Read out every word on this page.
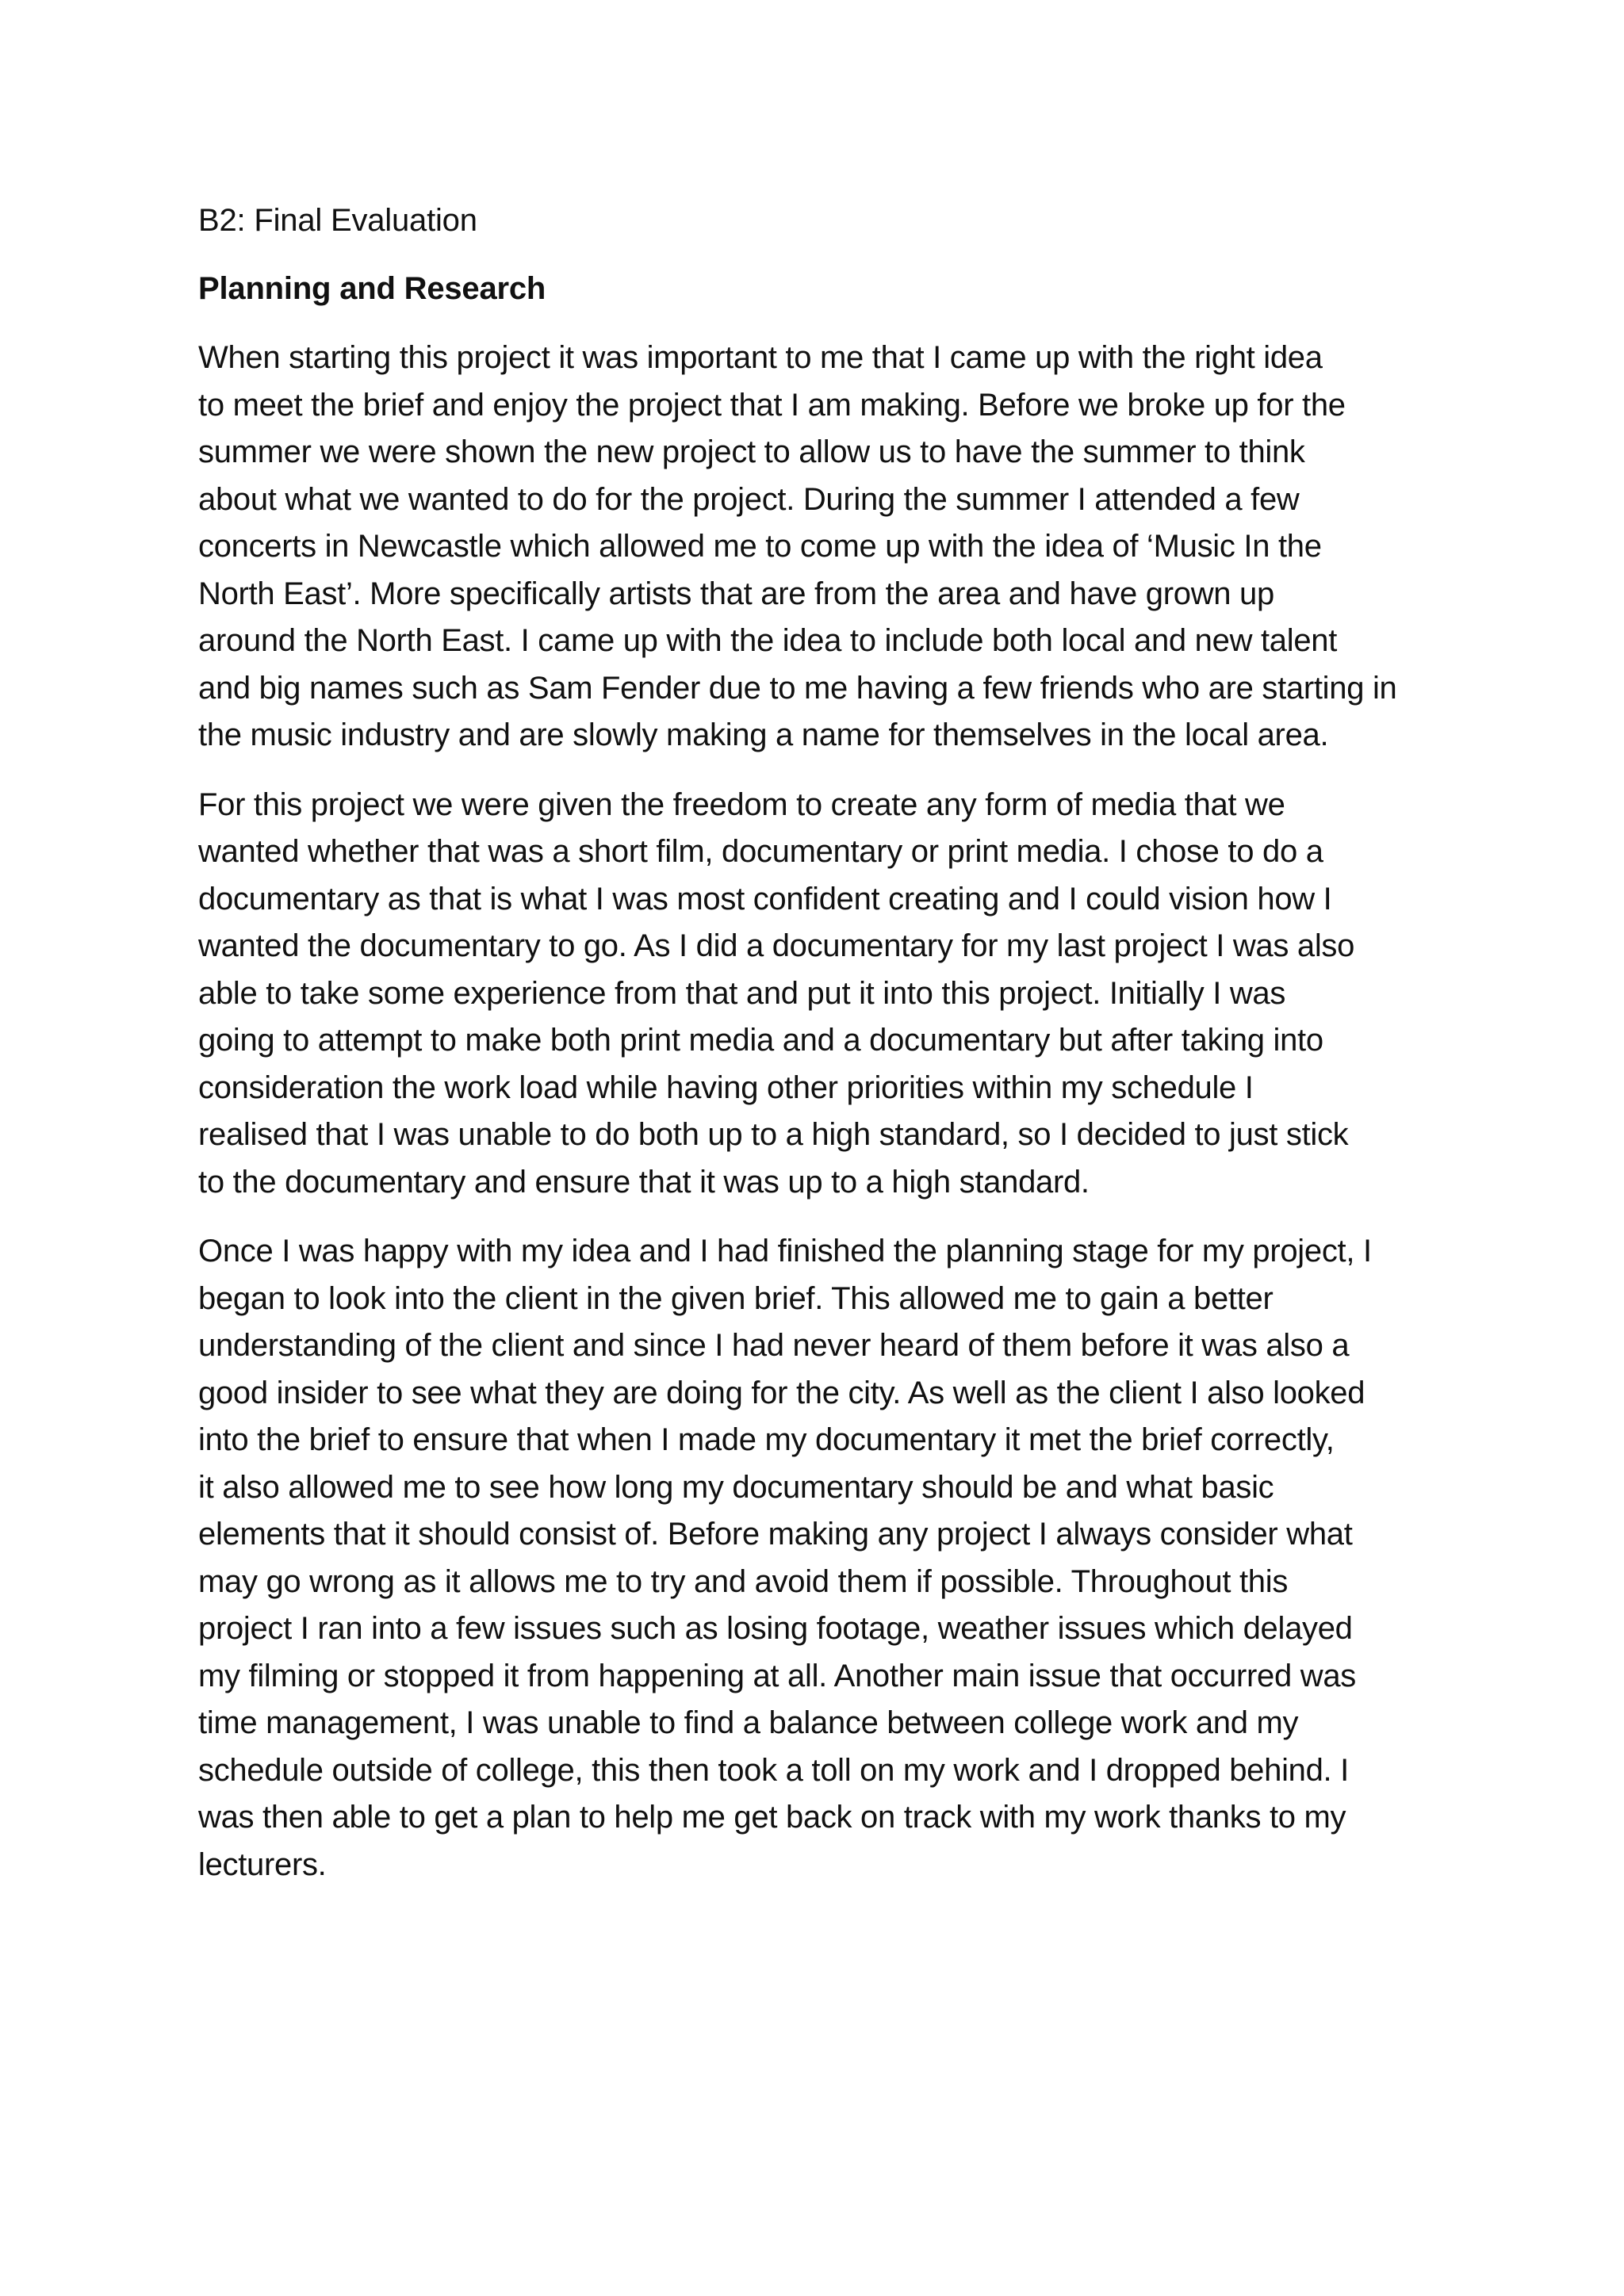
B2: Final Evaluation
Planning and Research
When starting this project it was important to me that I came up with the right idea
to meet the brief and enjoy the project that I am making. Before we broke up for the
summer we were shown the new project to allow us to have the summer to think
about what we wanted to do for the project. During the summer I attended a few
concerts in Newcastle which allowed me to come up with the idea of ‘Music In the
North East’. More specifically artists that are from the area and have grown up
around the North East. I came up with the idea to include both local and new talent
and big names such as Sam Fender due to me having a few friends who are starting in
the music industry and are slowly making a name for themselves in the local area.
For this project we were given the freedom to create any form of media that we
wanted whether that was a short film, documentary or print media. I chose to do a
documentary as that is what I was most confident creating and I could vision how I
wanted the documentary to go. As I did a documentary for my last project I was also
able to take some experience from that and put it into this project. Initially I was
going to attempt to make both print media and a documentary but after taking into
consideration the work load while having other priorities within my schedule I
realised that I was unable to do both up to a high standard, so I decided to just stick
to the documentary and ensure that it was up to a high standard.
Once I was happy with my idea and I had finished the planning stage for my project, I
began to look into the client in the given brief. This allowed me to gain a better
understanding of the client and since I had never heard of them before it was also a
good insider to see what they are doing for the city. As well as the client I also looked
into the brief to ensure that when I made my documentary it met the brief correctly,
it also allowed me to see how long my documentary should be and what basic
elements that it should consist of. Before making any project I always consider what
may go wrong as it allows me to try and avoid them if possible. Throughout this
project I ran into a few issues such as losing footage, weather issues which delayed
my filming or stopped it from happening at all. Another main issue that occurred was
time management, I was unable to find a balance between college work and my
schedule outside of college, this then took a toll on my work and I dropped behind. I
was then able to get a plan to help me get back on track with my work thanks to my
lecturers.
